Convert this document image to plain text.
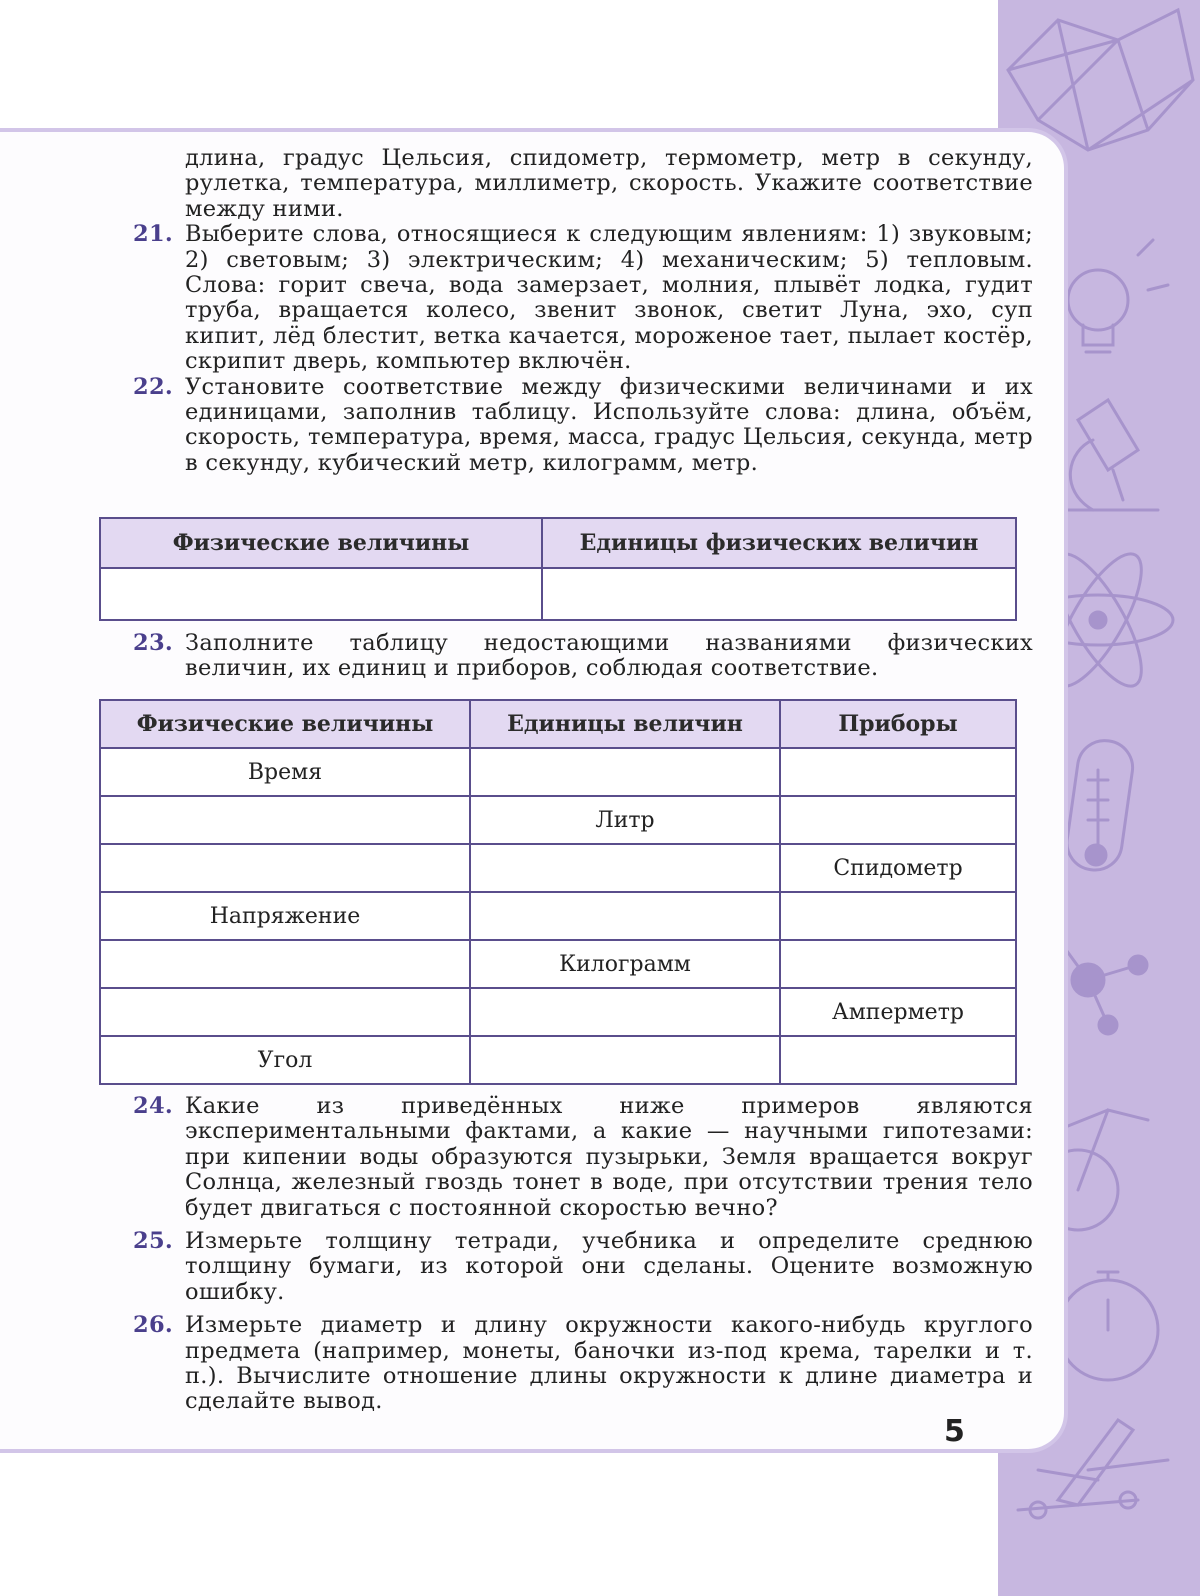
длина, градус Цельсия, спидометр, термометр, метр в секунду, рулетка, температура, миллиметр, скорость. Укажите соответствие между ними.
21. Выберите слова, относящиеся к следующим явлениям: 1) звуковым; 2) световым; 3) электрическим; 4) механическим; 5) тепловым. Слова: горит свеча, вода замерзает, молния, плывёт лодка, гудит труба, вращается колесо, звенит звонок, светит Луна, эхо, суп кипит, лёд блестит, ветка качается, мороженое тает, пылает костёр, скрипит дверь, компьютер включён.
22. Установите соответствие между физическими величинами и их единицами, заполнив таблицу. Используйте слова: длина, объём, скорость, температура, время, масса, градус Цельсия, секунда, метр в секунду, кубический метр, килограмм, метр.
Физические величины	Единицы физических величин

23. Заполните таблицу недостающими названиями физических величин, их единиц и приборов, соблюдая соответствие.
Физические величины	Единицы величин	Приборы
Время		
	Литр	
		Спидометр
Напряжение		
	Килограмм	
		Амперметр
Угол		
24. Какие из приведённых ниже примеров являются экспериментальными фактами, а какие — научными гипотезами: при кипении воды образуются пузырьки, Земля вращается вокруг Солнца, железный гвоздь тонет в воде, при отсутствии трения тело будет двигаться с постоянной скоростью вечно?
25. Измерьте толщину тетради, учебника и определите среднюю толщину бумаги, из которой они сделаны. Оцените возможную ошибку.
26. Измерьте диаметр и длину окружности какого-нибудь круглого предмета (например, монеты, баночки из-под крема, тарелки и т. п.). Вычислите отношение длины окружности к длине диаметра и сделайте вывод.
5
